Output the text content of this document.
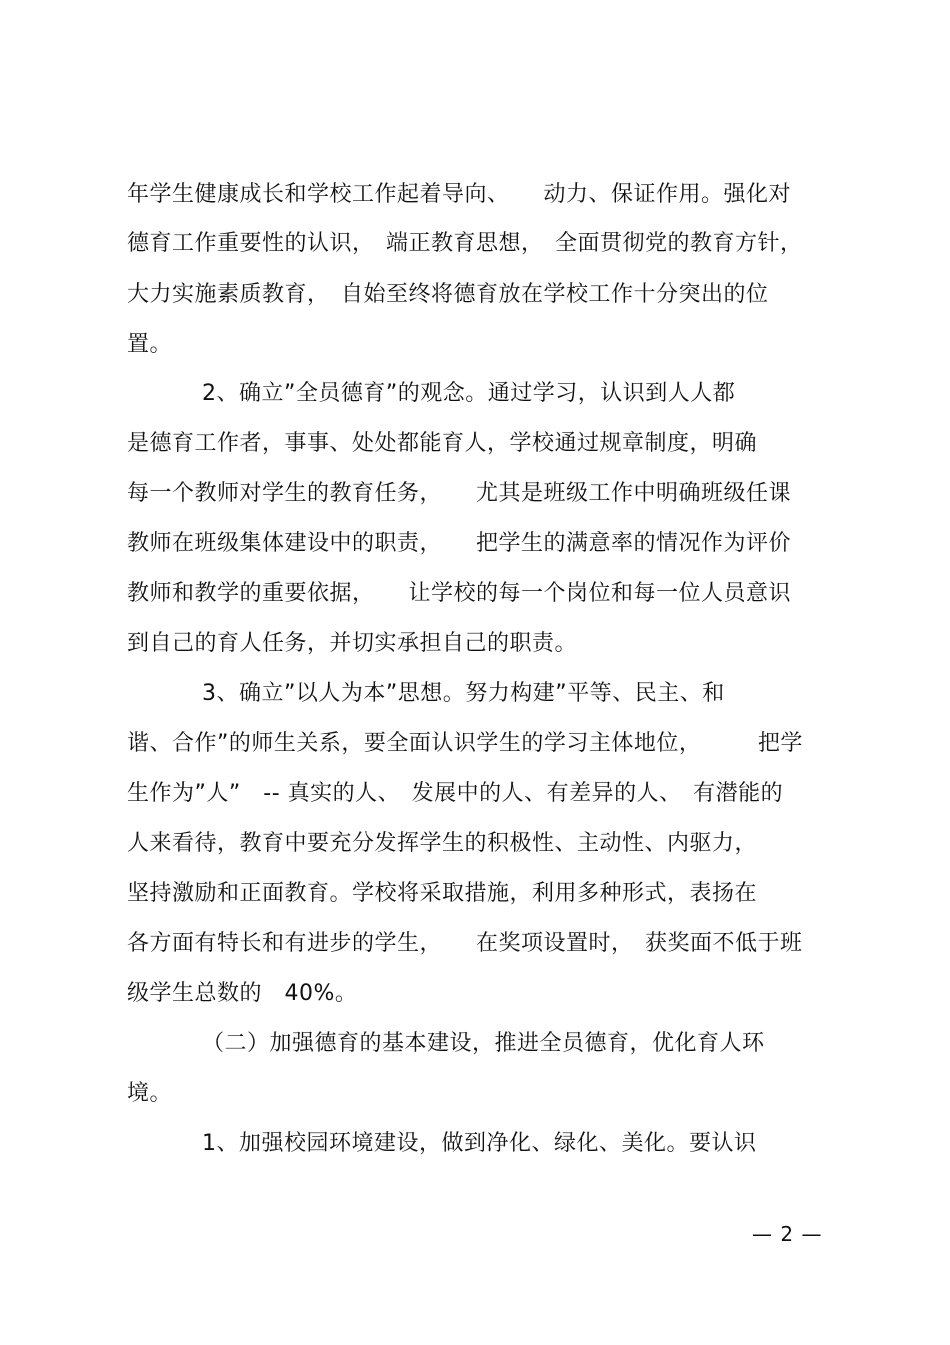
年学生健康成长和学校工作起着导向、　　动力、保证作用。强化对
德育工作重要性的认识，　端正教育思想，　全面贯彻党的教育方针，
大力实施素质教育，　自始至终将德育放在学校工作十分突出的位
置。
2、确立”全员德育”的观念。通过学习，认识到人人都
是德育工作者，事事、处处都能育人，学校通过规章制度，明确
每一个教师对学生的教育任务，　　尤其是班级工作中明确班级任课
教师在班级集体建设中的职责，　　把学生的满意率的情况作为评价
教师和教学的重要依据，　　让学校的每一个岗位和每一位人员意识
到自己的育人任务，并切实承担自己的职责。
3、确立”以人为本”思想。努力构建”平等、民主、和
谐、合作”的师生关系，要全面认识学生的学习主体地位，　　　把学
生作为”人”　-- 真实的人、　发展中的人、有差异的人、　有潜能的
人来看待，教育中要充分发挥学生的积极性、主动性、内驱力，
坚持激励和正面教育。学校将采取措施，利用多种形式，表扬在
各方面有特长和有进步的学生，　　在奖项设置时，　获奖面不低于班
级学生总数的　40%。
（二）加强德育的基本建设，推进全员德育，优化育人环
境。
1、加强校园环境建设，做到净化、绿化、美化。要认识
— 2 —
